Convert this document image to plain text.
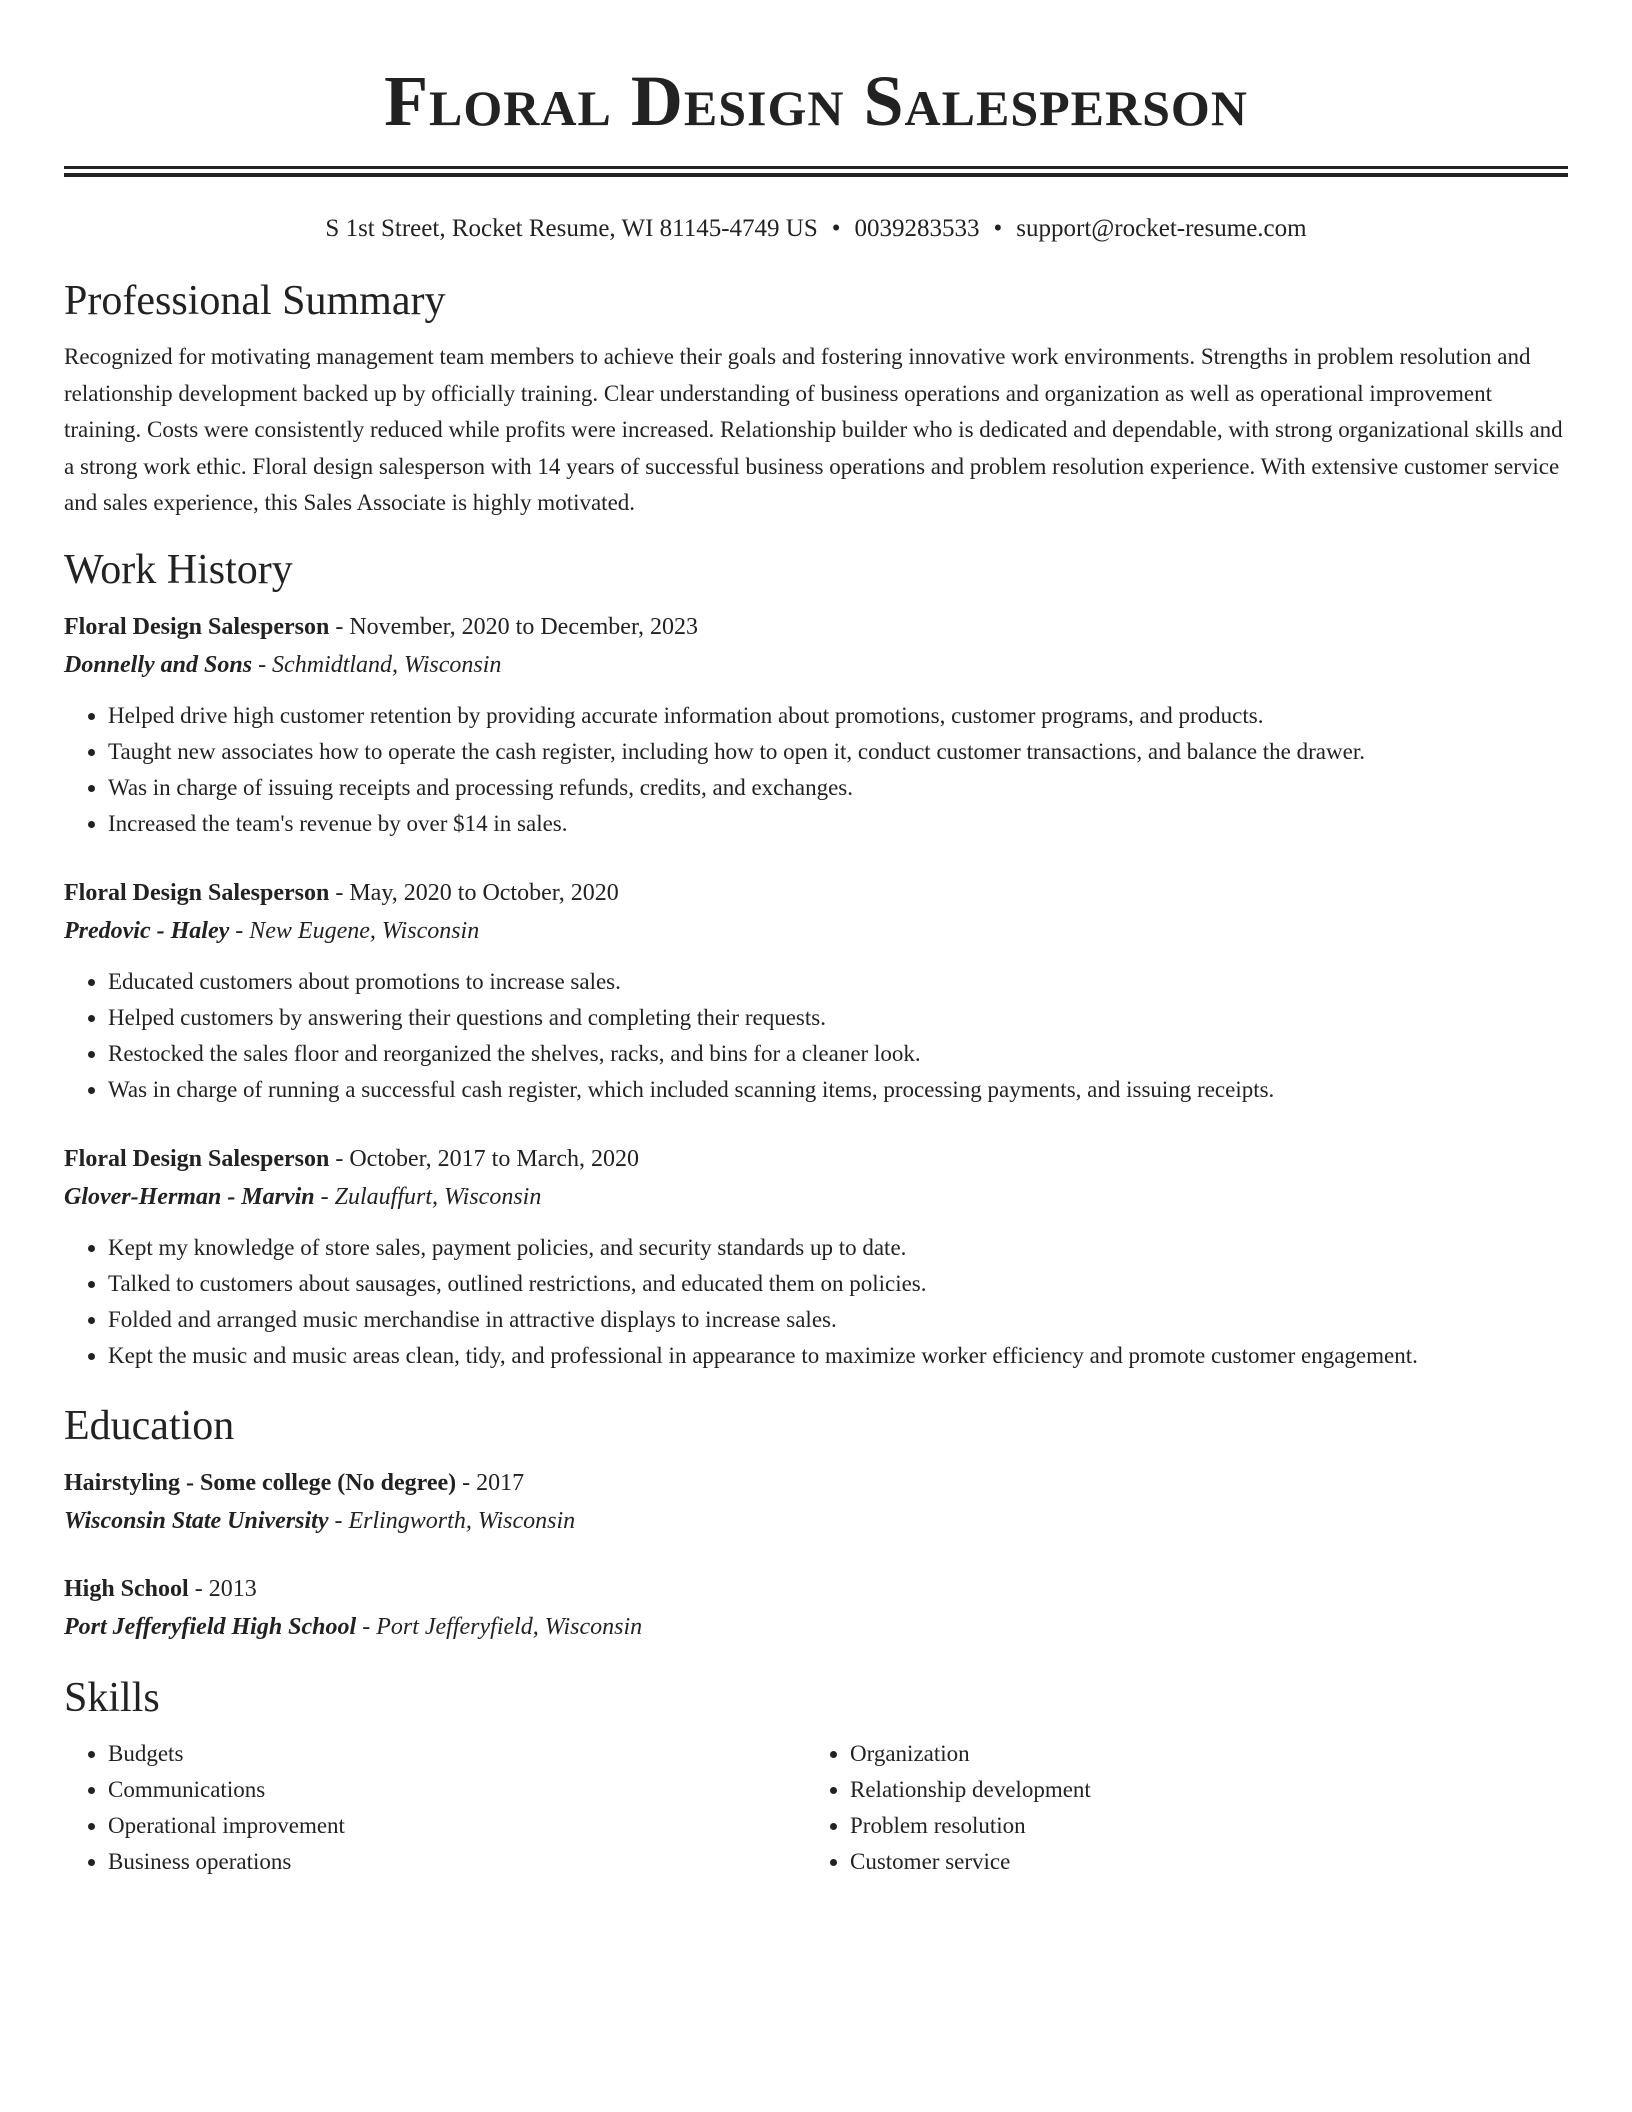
Floral Design Salesperson
S 1st Street, Rocket Resume, WI 81145-4749 US • 0039283533 • support@rocket-resume.com
Professional Summary

Recognized for motivating management team members to achieve their goals and fostering innovative work environments. Strengths in problem resolution and relationship development backed up by officially training. Clear understanding of business operations and organization as well as operational improvement training. Costs were consistently reduced while profits were increased. Relationship builder who is dedicated and dependable, with strong organizational skills and a strong work ethic. Floral design salesperson with 14 years of successful business operations and problem resolution experience. With extensive customer service and sales experience, this Sales Associate is highly motivated.

Work History
Floral Design Salesperson - November, 2020 to December, 2023
Donnelly and Sons - Schmidtland, Wisconsin
• Helped drive high customer retention by providing accurate information about promotions, customer programs, and products.
• Taught new associates how to operate the cash register, including how to open it, conduct customer transactions, and balance the drawer.
• Was in charge of issuing receipts and processing refunds, credits, and exchanges.
• Increased the team's revenue by over $14 in sales.
Floral Design Salesperson - May, 2020 to October, 2020
Predovic - Haley - New Eugene, Wisconsin
• Educated customers about promotions to increase sales.
• Helped customers by answering their questions and completing their requests.
• Restocked the sales floor and reorganized the shelves, racks, and bins for a cleaner look.
• Was in charge of running a successful cash register, which included scanning items, processing payments, and issuing receipts.
Floral Design Salesperson - October, 2017 to March, 2020
Glover-Herman - Marvin - Zulauffurt, Wisconsin
• Kept my knowledge of store sales, payment policies, and security standards up to date.
• Talked to customers about sausages, outlined restrictions, and educated them on policies.
• Folded and arranged music merchandise in attractive displays to increase sales.
• Kept the music and music areas clean, tidy, and professional in appearance to maximize worker efficiency and promote customer engagement.
Education
Hairstyling - Some college (No degree) - 2017
Wisconsin State University - Erlingworth, Wisconsin
High School - 2013
Port Jefferyfield High School - Port Jefferyfield, Wisconsin
Skills
• Budgets
• Communications
• Operational improvement
• Business operations
• Organization
• Relationship development
• Problem resolution
• Customer service
